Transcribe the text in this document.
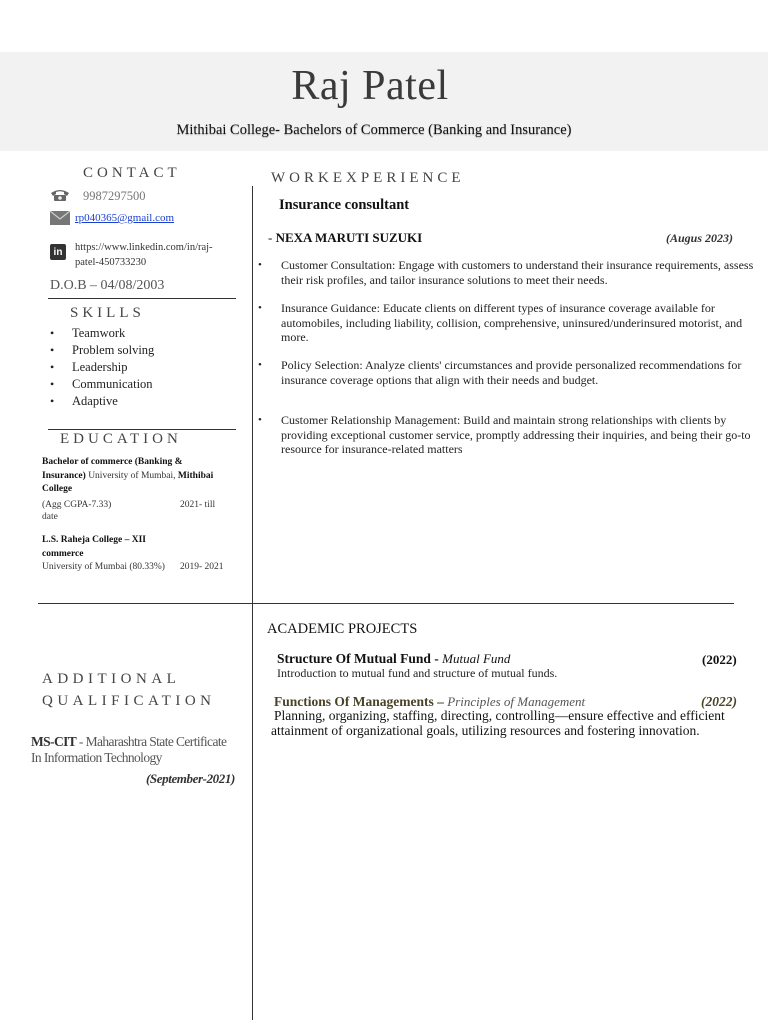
Raj Patel
Mithibai College- Bachelors of Commerce (Banking and Insurance)
CONTACT
9987297500
rp040365@gmail.com
in https://www.linkedin.com/in/raj-
patel-450733230
D.O.B – 04/08/2003
SKILLS
• Teamwork
• Problem solving
• Leadership
• Communication
• Adaptive
EDUCATION
Bachelor of commerce (Banking &
Insurance) University of Mumbai, Mithibai
College
(Agg CGPA-7.33)	2021- till
date
L.S. Raheja College – XII
commerce
University of Mumbai (80.33%) 2019- 2021
WORKEXPERIENCE
Insurance consultant
- NEXA MARUTI SUZUKI	(Augus 2023)
• Customer Consultation: Engage with customers to understand their insurance requirements, assess their risk profiles, and tailor insurance solutions to meet their needs.
• Insurance Guidance: Educate clients on different types of insurance coverage available for automobiles, including liability, collision, comprehensive, uninsured/underinsured motorist, and more.
• Policy Selection: Analyze clients' circumstances and provide personalized recommendations for insurance coverage options that align with their needs and budget.
• Customer Relationship Management: Build and maintain strong relationships with clients by providing exceptional customer service, promptly addressing their inquiries, and being their go-to resource for insurance-related matters
ADDITIONAL
QUALIFICATION
MS-CIT - Maharashtra State Certificate
In Information Technology
(September-2021)
ACADEMIC PROJECTS
Structure Of Mutual Fund - Mutual Fund	(2022)
Introduction to mutual fund and structure of mutual funds.
Functions Of Managements – Principles of Management	(2022)
Planning, organizing, staffing, directing, controlling—ensure effective and efficient
attainment of organizational goals, utilizing resources and fostering innovation.
